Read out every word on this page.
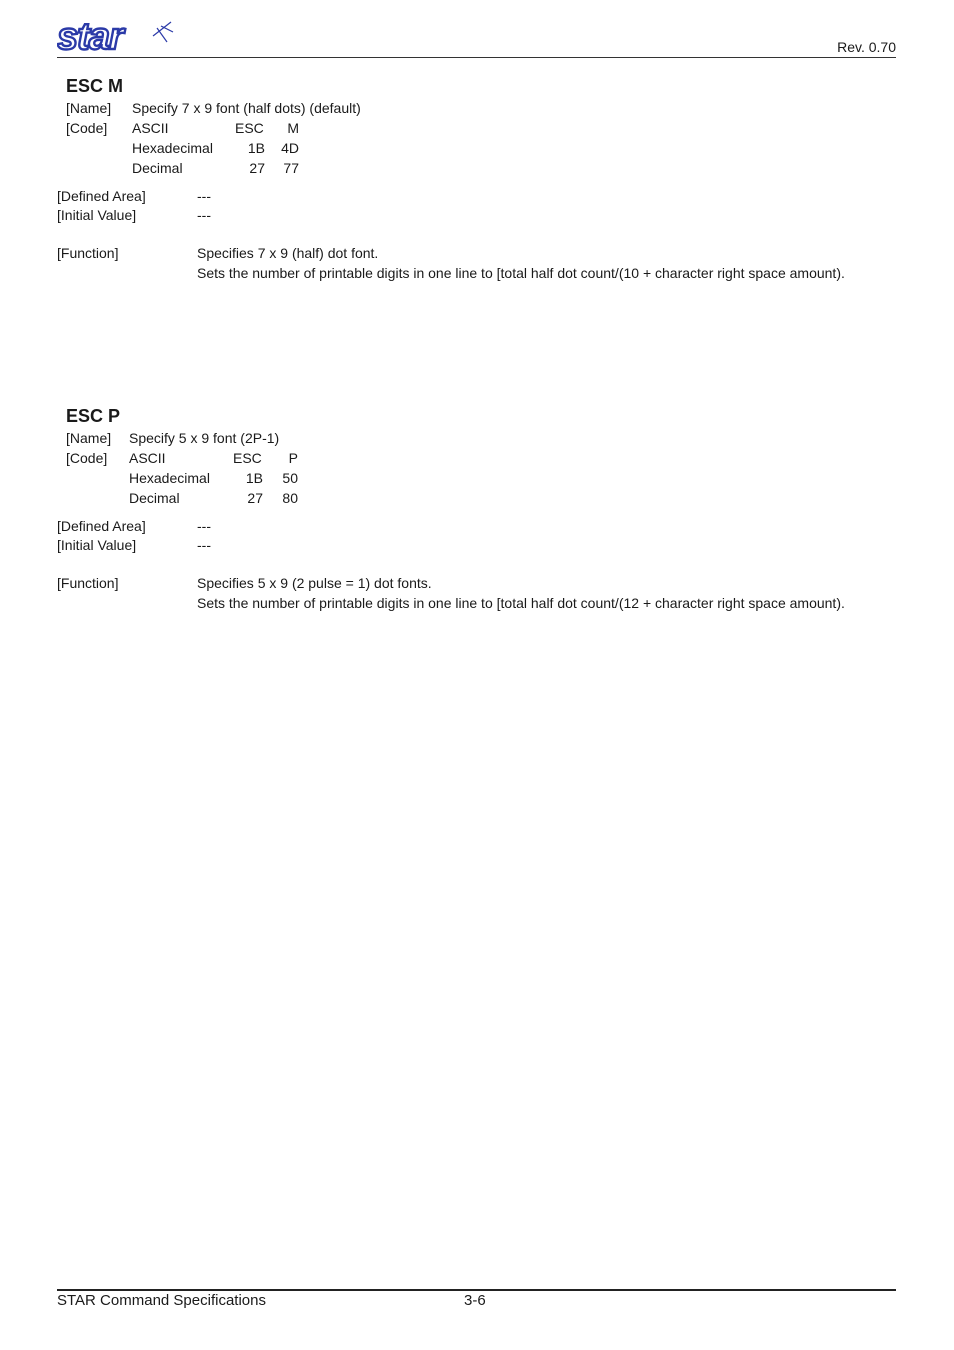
star	Rev. 0.70
ESC M
[Name] Specify 7 x 9 font (half dots) (default)
[Code] ASCII	ESC M
Hexadecimal 1B 4D
Decimal	27 77
[Defined Area]	---
[Initial Value]	---
[Function]	Specifies 7 x 9 (half) dot font.
Sets the number of printable digits in one line to [total half dot count/(10 + character right space amount).
ESC P
[Name] Specify 5 x 9 font (2P-1)
[Code] ASCII	ESC P
Hexadecimal	1B 50
Decimal	27 80
[Defined Area]	---
[Initial Value]	---
[Function]	Specifies 5 x 9 (2 pulse = 1) dot fonts.
Sets the number of printable digits in one line to [total half dot count/(12 + character right space amount).
STAR Command Specifications	3-6
